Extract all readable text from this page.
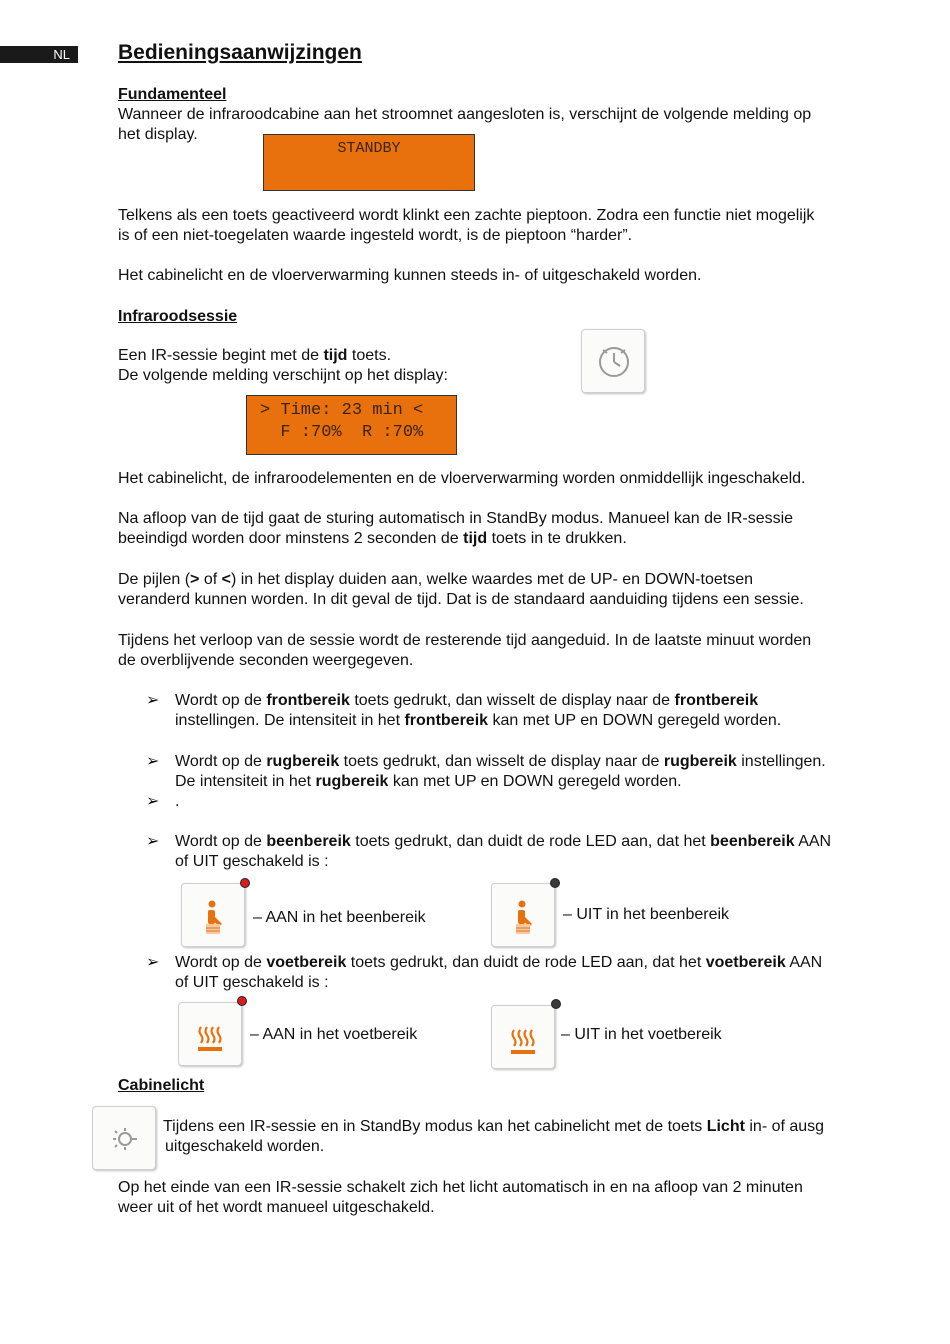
NL	Bedieningsaanwijzingen
Fundamenteel
Wanneer de infraroodcabine aan het stroomnet aangesloten is, verschijnt de volgende melding op
het display.
STANDBY
Telkens als een toets geactiveerd wordt klinkt een zachte pieptoon. Zodra een functie niet mogelijk
is of een niet-toegelaten waarde ingesteld wordt, is de pieptoon “harder”.
Het cabinelicht en de vloerverwarming kunnen steeds in- of uitgeschakeld worden.
Infraroodsessie
Een IR-sessie begint met de tijd toets.
De volgende melding verschijnt op het display:
> Time: 23 min <
F :70%  R :70%
Het cabinelicht, de infraroodelementen en de vloerverwarming worden onmiddellijk ingeschakeld.
Na afloop van de tijd gaat de sturing automatisch in StandBy modus. Manueel kan de IR-sessie
beeindigd worden door minstens 2 seconden de tijd toets in te drukken.
De pijlen (> of <) in het display duiden aan, welke waardes met de UP- en DOWN-toetsen
veranderd kunnen worden. In dit geval de tijd. Dat is de standaard aanduiding tijdens een sessie.
Tijdens het verloop van de sessie wordt de resterende tijd aangeduid. In de laatste minuut worden
de overblijvende seconden weergegeven.
➢ Wordt op de frontbereik toets gedrukt, dan wisselt de display naar de frontbereik
instellingen. De intensiteit in het frontbereik kan met UP en DOWN geregeld worden.
➢ Wordt op de rugbereik toets gedrukt, dan wisselt de display naar de rugbereik instellingen.
De intensiteit in het rugbereik kan met UP en DOWN geregeld worden.
➢ .
➢ Wordt op de beenbereik toets gedrukt, dan duidt de rode LED aan, dat het beenbereik AAN
of UIT geschakeld is :
– AAN in het beenbereik	– UIT in het beenbereik
➢ Wordt op de voetbereik toets gedrukt, dan duidt de rode LED aan, dat het voetbereik AAN
of UIT geschakeld is :
– AAN in het voetbereik	– UIT in het voetbereik
Cabinelicht
Tijdens een IR-sessie en in StandBy modus kan het cabinelicht met de toets Licht in- of ausg
uitgeschakeld worden.
Op het einde van een IR-sessie schakelt zich het licht automatisch in en na afloop van 2 minuten
weer uit of het wordt manueel uitgeschakeld.
